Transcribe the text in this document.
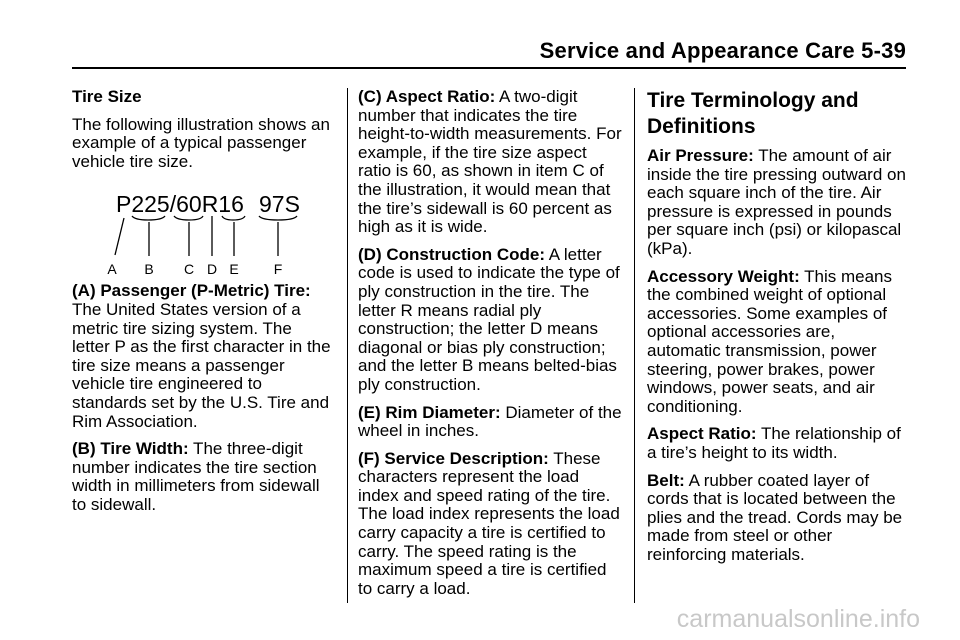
Service and Appearance Care 5-39

Tire Size

The following illustration shows an example of a typical passenger vehicle tire size.

P225/60R16 97S
A B C D E	F

(A) Passenger (P-Metric) Tire: The United States version of a metric tire sizing system. The letter P as the first character in the tire size means a passenger vehicle tire engineered to standards set by the U.S. Tire and Rim Association.

(B) Tire Width: The three-digit number indicates the tire section width in millimeters from sidewall to sidewall.

(C) Aspect Ratio: A two-digit number that indicates the tire height-to-width measurements. For example, if the tire size aspect ratio is 60, as shown in item C of the illustration, it would mean that the tire’s sidewall is 60 percent as high as it is wide.

(D) Construction Code: A letter code is used to indicate the type of ply construction in the tire. The letter R means radial ply construction; the letter D means diagonal or bias ply construction; and the letter B means belted-bias ply construction.

(E) Rim Diameter: Diameter of the wheel in inches.

(F) Service Description: These characters represent the load index and speed rating of the tire. The load index represents the load carry capacity a tire is certified to carry. The speed rating is the maximum speed a tire is certified to carry a load.

Tire Terminology and Definitions

Air Pressure: The amount of air inside the tire pressing outward on each square inch of the tire. Air pressure is expressed in pounds per square inch (psi) or kilopascal (kPa).

Accessory Weight: This means the combined weight of optional accessories. Some examples of optional accessories are, automatic transmission, power steering, power brakes, power windows, power seats, and air conditioning.

Aspect Ratio: The relationship of a tire’s height to its width.

Belt: A rubber coated layer of cords that is located between the plies and the tread. Cords may be made from steel or other reinforcing materials.

carmanualsonline.info
